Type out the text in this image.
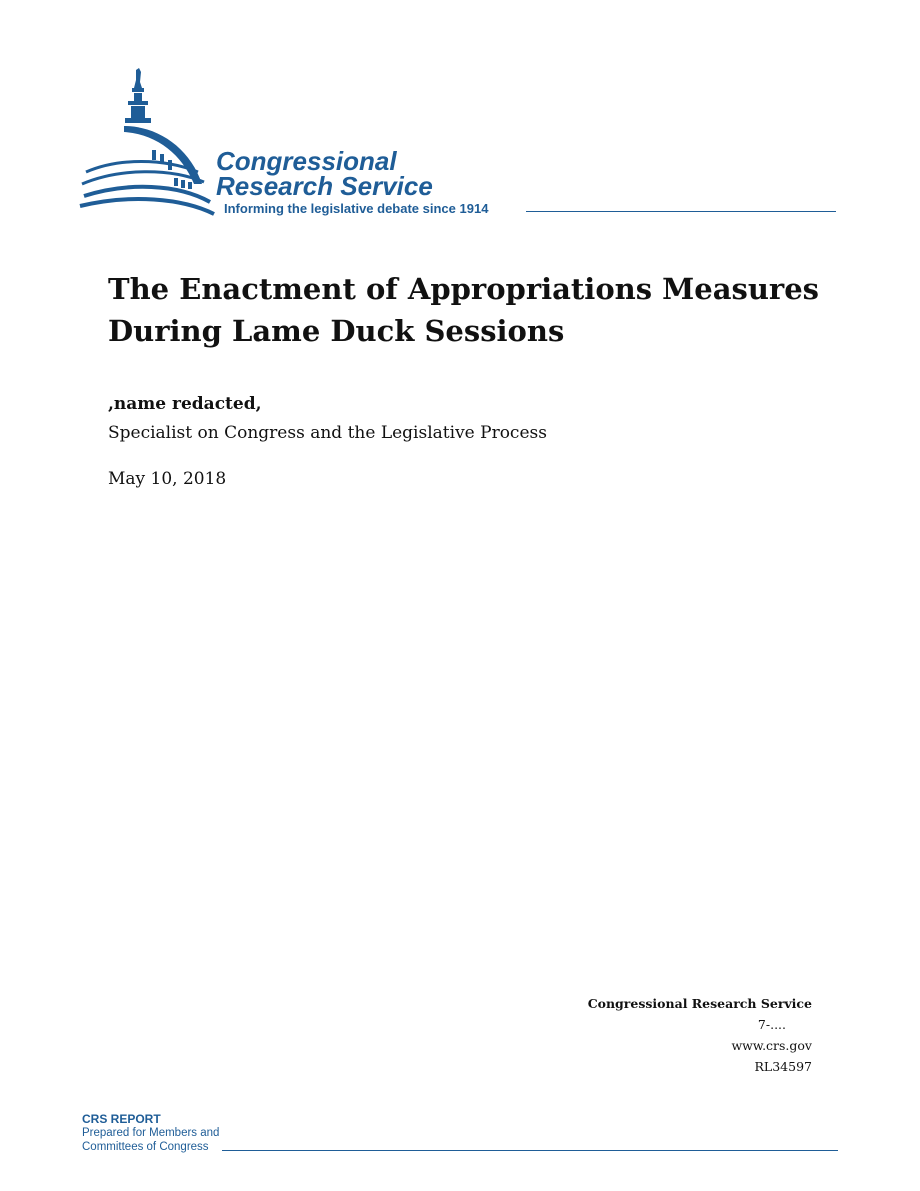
Congressional
Research Service
Informing the legislative debate since 1914
The Enactment of Appropriations Measures During Lame Duck Sessions
,name redacted,
Specialist on Congress and the Legislative Process
May 10, 2018
Congressional Research Service
7-....
www.crs.gov
RL34597
CRS REPORT
Prepared for Members and
Committees of Congress
